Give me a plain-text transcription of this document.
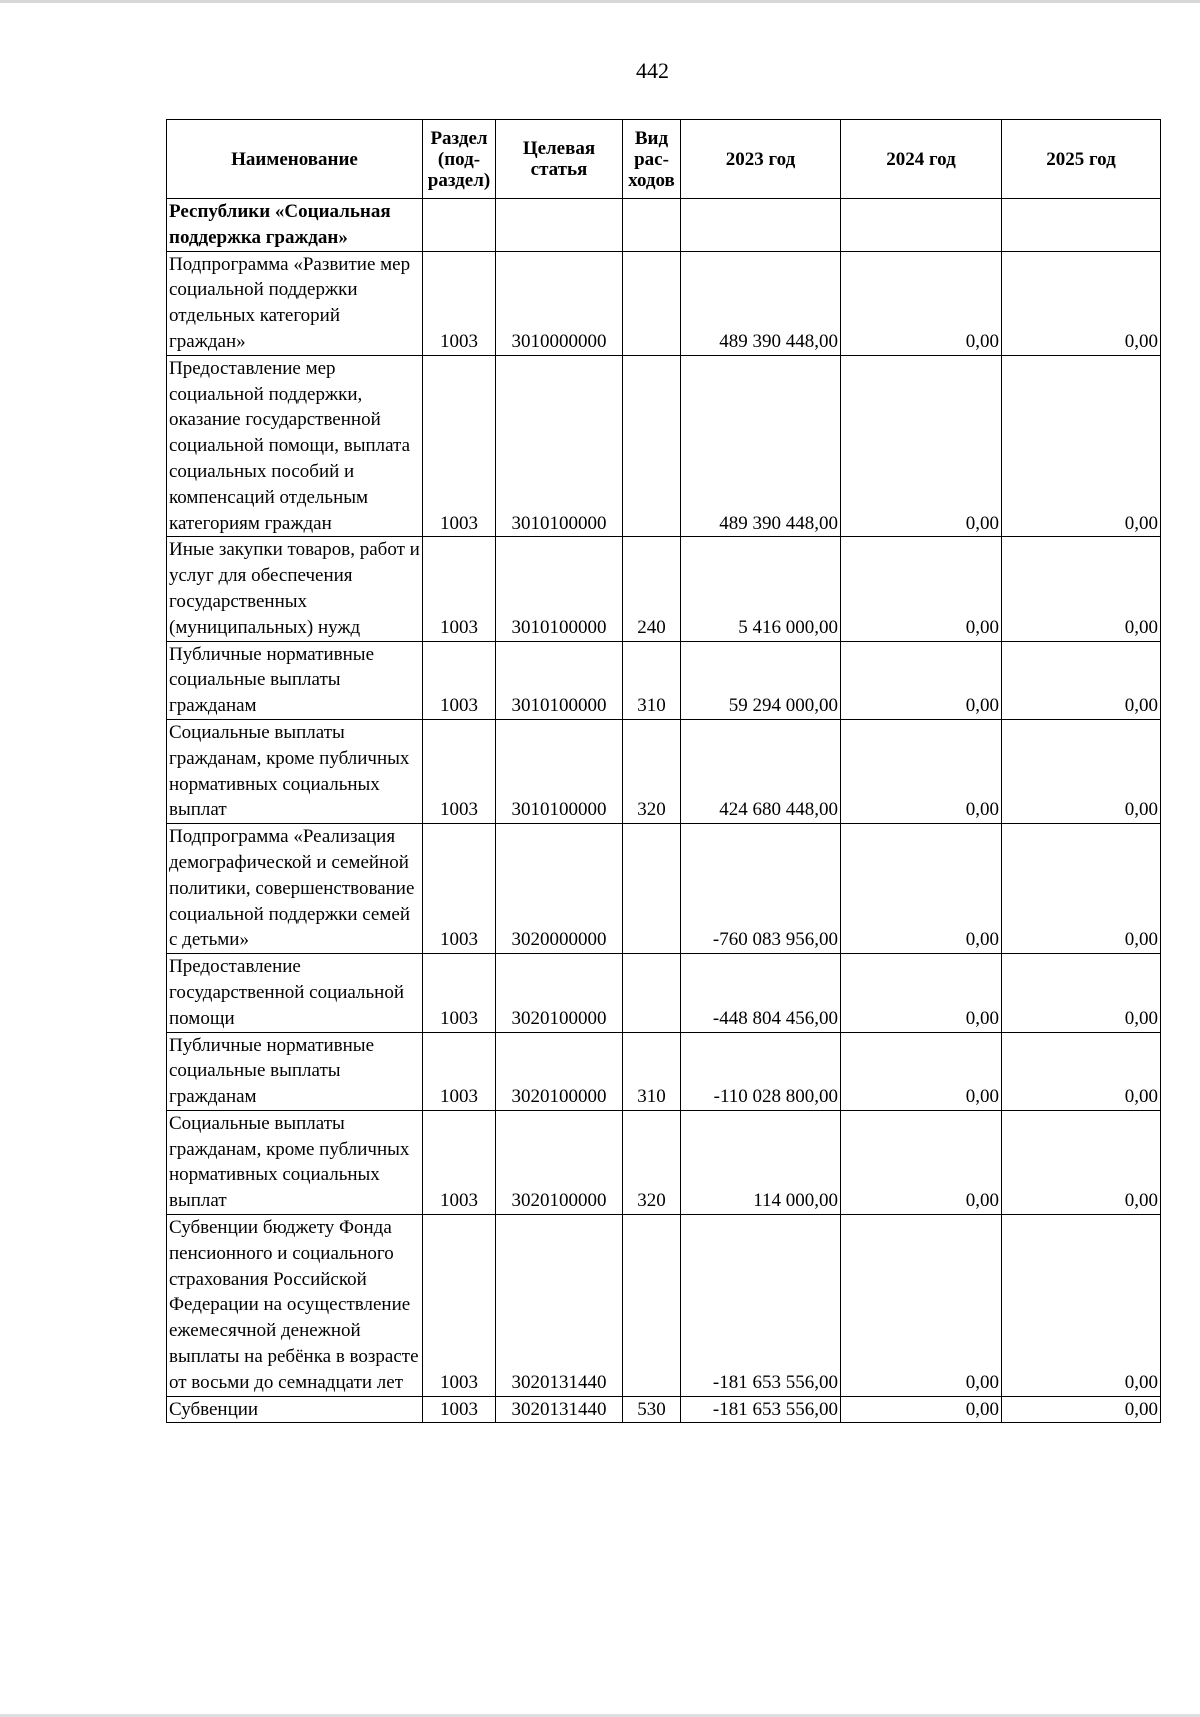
442
Наименование	Раздел (под-раздел)	Целевая статья	Вид рас-ходов	2023 год	2024 год	2025 год
Республики «Социальная поддержка граждан»						
Подпрограмма «Развитие мер социальной поддержки отдельных категорий граждан»	1003	3010000000		489 390 448,00	0,00	0,00
Предоставление мер социальной поддержки, оказание государственной социальной помощи, выплата социальных пособий и компенсаций отдельным категориям граждан	1003	3010100000		489 390 448,00	0,00	0,00
Иные закупки товаров, работ и услуг для обеспечения государственных (муниципальных) нужд	1003	3010100000	240	5 416 000,00	0,00	0,00
Публичные нормативные социальные выплаты гражданам	1003	3010100000	310	59 294 000,00	0,00	0,00
Социальные выплаты гражданам, кроме публичных нормативных социальных выплат	1003	3010100000	320	424 680 448,00	0,00	0,00
Подпрограмма «Реализация демографической и семейной политики, совершенствование социальной поддержки семей с детьми»	1003	3020000000		-760 083 956,00	0,00	0,00
Предоставление государственной социальной помощи	1003	3020100000		-448 804 456,00	0,00	0,00
Публичные нормативные социальные выплаты гражданам	1003	3020100000	310	-110 028 800,00	0,00	0,00
Социальные выплаты гражданам, кроме публичных нормативных социальных выплат	1003	3020100000	320	114 000,00	0,00	0,00
Субвенции бюджету Фонда пенсионного и социального страхования Российской Федерации на осуществление ежемесячной денежной выплаты на ребёнка в возрасте от восьми до семнадцати лет	1003	3020131440		-181 653 556,00	0,00	0,00
Субвенции	1003	3020131440	530	-181 653 556,00	0,00	0,00
